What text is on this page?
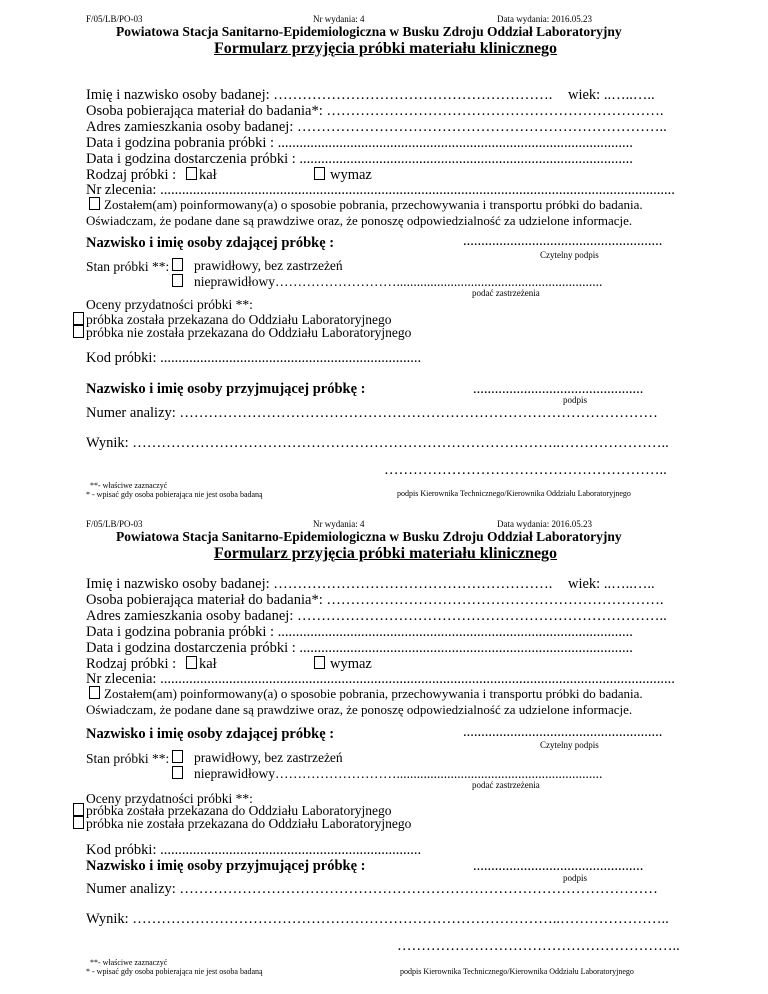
F/05/LB/PO-03	Nr wydania: 4	Data wydania: 2016.05.23
Powiatowa Stacja Sanitarno-Epidemiologiczna w Busku Zdroju Oddział Laboratoryjny
Formularz przyjęcia próbki materiału klinicznego
Imię i nazwisko osoby badanej: …………………………………………………. wiek: ..…..…..
Osoba pobierająca materiał do badania*: …………………………………………………………….
Adres zamieszkania osoby badanej: …………………………………………………………………..
Data i godzina pobrania próbki : ..................................................................................................
Data i godzina dostarczenia próbki : ............................................................................................
Rodzaj próbki : kał	wymaz
Nr zlecenia: ..............................................................................................................................................
Zostałem(am) poinformowany(a) o sposobie pobrania, przechowywania i transportu próbki do badania.
Oświadczam, że podane dane są prawdziwe oraz, że ponoszę odpowiedzialność za udzielone informacje.
Nazwisko i imię osoby zdającej próbkę :	.......................................................
Czytelny podpis
Stan próbki **: prawidłowy, bez zastrzeżeń
nieprawidłowy……………………….............................................................
podać zastrzeżenia
Oceny przydatności próbki **:
próbka została przekazana do Oddziału Laboratoryjnego
próbka nie została przekazana do Oddziału Laboratoryjnego
Kod próbki: ........................................................................
Nazwisko i imię osoby przyjmującej próbkę :	...............................................
podpis
Numer analizy: ………………………………………………………………………………………
Wynik: ……………………………………………………………………………..…………………..
…………………………………………………..
**- właściwe zaznaczyć
* - wpisać gdy osoba pobierająca nie jest osoba badaną	podpis Kierownika Technicznego/Kierownika Oddziału Laboratoryjnego
F/05/LB/PO-03	Nr wydania: 4	Data wydania: 2016.05.23
Powiatowa Stacja Sanitarno-Epidemiologiczna w Busku Zdroju Oddział Laboratoryjny
Formularz przyjęcia próbki materiału klinicznego
Imię i nazwisko osoby badanej: …………………………………………………. wiek: ..…..…..
Osoba pobierająca materiał do badania*: …………………………………………………………….
Adres zamieszkania osoby badanej: …………………………………………………………………..
Data i godzina pobrania próbki : ..................................................................................................
Data i godzina dostarczenia próbki : ............................................................................................
Rodzaj próbki : kał	wymaz
Nr zlecenia: ..............................................................................................................................................
Zostałem(am) poinformowany(a) o sposobie pobrania, przechowywania i transportu próbki do badania.
Oświadczam, że podane dane są prawdziwe oraz, że ponoszę odpowiedzialność za udzielone informacje.
Nazwisko i imię osoby zdającej próbkę :	.......................................................
Czytelny podpis
Stan próbki **: prawidłowy, bez zastrzeżeń
nieprawidłowy……………………….............................................................
podać zastrzeżenia
Oceny przydatności próbki **:
próbka została przekazana do Oddziału Laboratoryjnego
próbka nie została przekazana do Oddziału Laboratoryjnego
Kod próbki: ........................................................................
Nazwisko i imię osoby przyjmującej próbkę :	...............................................
podpis
Numer analizy: ………………………………………………………………………………………
Wynik: ……………………………………………………………………………..…………………..
…………………………………………………..
**- właściwe zaznaczyć
* - wpisać gdy osoba pobierająca nie jest osoba badaną	podpis Kierownika Technicznego/Kierownika Oddziału Laboratoryjnego
